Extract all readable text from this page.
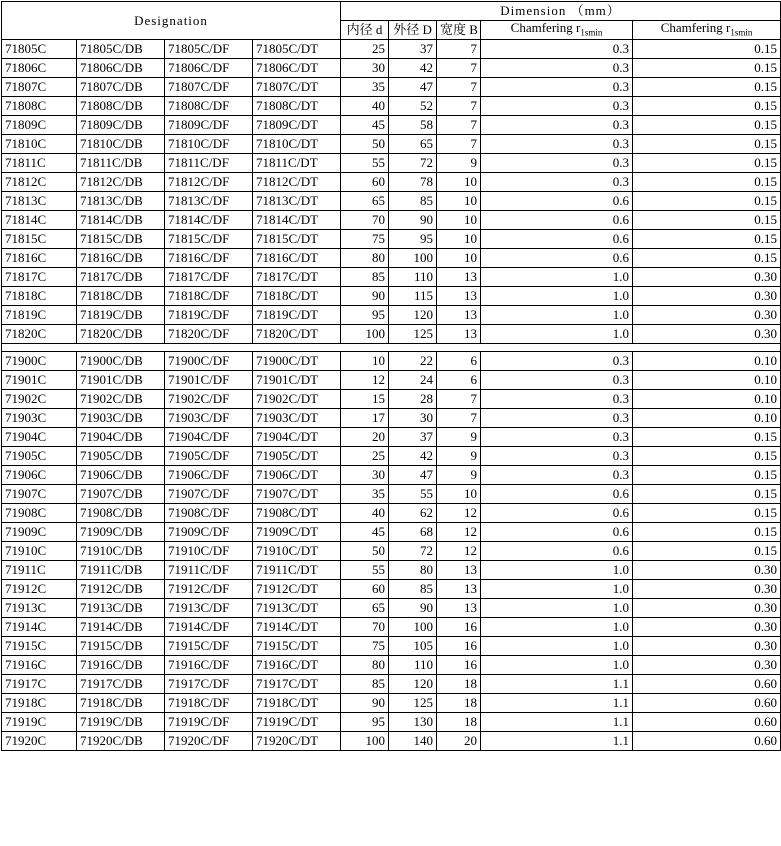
Designation				Dimension （mm）				
				内径 d	外径 D	宽度 B	Chamfering $r_{1smin}$	Chamfering $r_{1smin}$
71805C	71805C/DB	71805C/DF	71805C/DT	25	37	7	0.3	0.15
71806C	71806C/DB	71806C/DF	71806C/DT	30	42	7	0.3	0.15
71807C	71807C/DB	71807C/DF	71807C/DT	35	47	7	0.3	0.15
71808C	71808C/DB	71808C/DF	71808C/DT	40	52	7	0.3	0.15
71809C	71809C/DB	71809C/DF	71809C/DT	45	58	7	0.3	0.15
71810C	71810C/DB	71810C/DF	71810C/DT	50	65	7	0.3	0.15
71811C	71811C/DB	71811C/DF	71811C/DT	55	72	9	0.3	0.15
71812C	71812C/DB	71812C/DF	71812C/DT	60	78	10	0.3	0.15
71813C	71813C/DB	71813C/DF	71813C/DT	65	85	10	0.6	0.15
71814C	71814C/DB	71814C/DF	71814C/DT	70	90	10	0.6	0.15
71815C	71815C/DB	71815C/DF	71815C/DT	75	95	10	0.6	0.15
71816C	71816C/DB	71816C/DF	71816C/DT	80	100	10	0.6	0.15
71817C	71817C/DB	71817C/DF	71817C/DT	85	110	13	1.0	0.30
71818C	71818C/DB	71818C/DF	71818C/DT	90	115	13	1.0	0.30
71819C	71819C/DB	71819C/DF	71819C/DT	95	120	13	1.0	0.30
71820C	71820C/DB	71820C/DF	71820C/DT	100	125	13	1.0	0.30

71900C	71900C/DB	71900C/DF	71900C/DT	10	22	6	0.3	0.10
71901C	71901C/DB	71901C/DF	71901C/DT	12	24	6	0.3	0.10
71902C	71902C/DB	71902C/DF	71902C/DT	15	28	7	0.3	0.10
71903C	71903C/DB	71903C/DF	71903C/DT	17	30	7	0.3	0.10
71904C	71904C/DB	71904C/DF	71904C/DT	20	37	9	0.3	0.15
71905C	71905C/DB	71905C/DF	71905C/DT	25	42	9	0.3	0.15
71906C	71906C/DB	71906C/DF	71906C/DT	30	47	9	0.3	0.15
71907C	71907C/DB	71907C/DF	71907C/DT	35	55	10	0.6	0.15
71908C	71908C/DB	71908C/DF	71908C/DT	40	62	12	0.6	0.15
71909C	71909C/DB	71909C/DF	71909C/DT	45	68	12	0.6	0.15
71910C	71910C/DB	71910C/DF	71910C/DT	50	72	12	0.6	0.15
71911C	71911C/DB	71911C/DF	71911C/DT	55	80	13	1.0	0.30
71912C	71912C/DB	71912C/DF	71912C/DT	60	85	13	1.0	0.30
71913C	71913C/DB	71913C/DF	71913C/DT	65	90	13	1.0	0.30
71914C	71914C/DB	71914C/DF	71914C/DT	70	100	16	1.0	0.30
71915C	71915C/DB	71915C/DF	71915C/DT	75	105	16	1.0	0.30
71916C	71916C/DB	71916C/DF	71916C/DT	80	110	16	1.0	0.30
71917C	71917C/DB	71917C/DF	71917C/DT	85	120	18	1.1	0.60
71918C	71918C/DB	71918C/DF	71918C/DT	90	125	18	1.1	0.60
71919C	71919C/DB	71919C/DF	71919C/DT	95	130	18	1.1	0.60
71920C	71920C/DB	71920C/DF	71920C/DT	100	140	20	1.1	0.60
